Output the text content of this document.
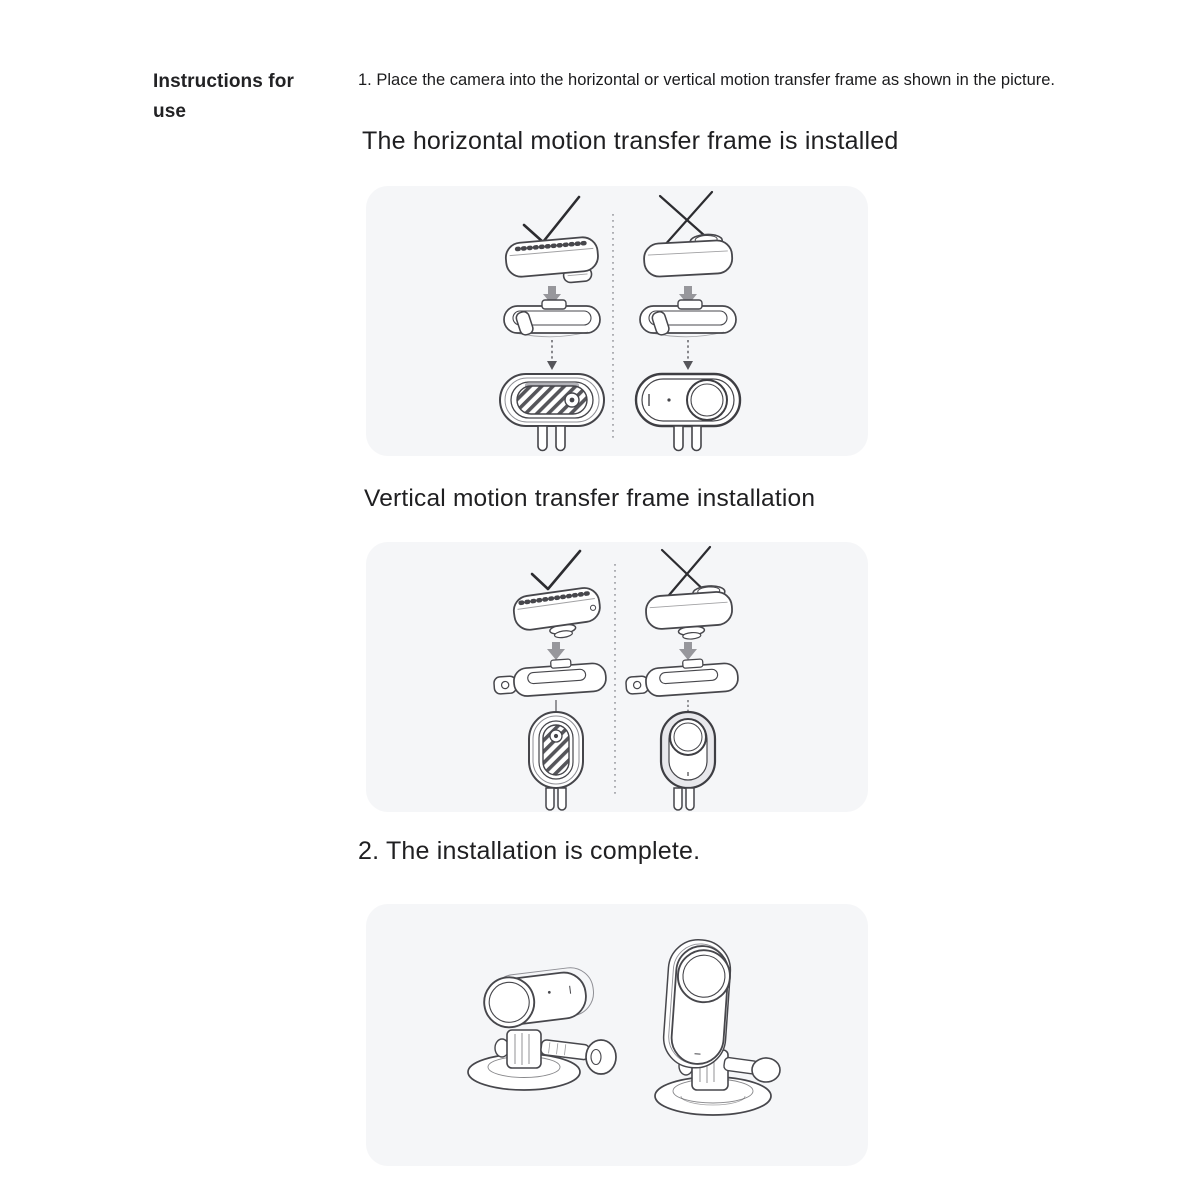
Instructions for use
1. Place the camera into the horizontal or vertical motion transfer frame as shown in the picture.
The horizontal motion transfer frame is installed
Vertical motion transfer frame installation
2. The installation is complete.
